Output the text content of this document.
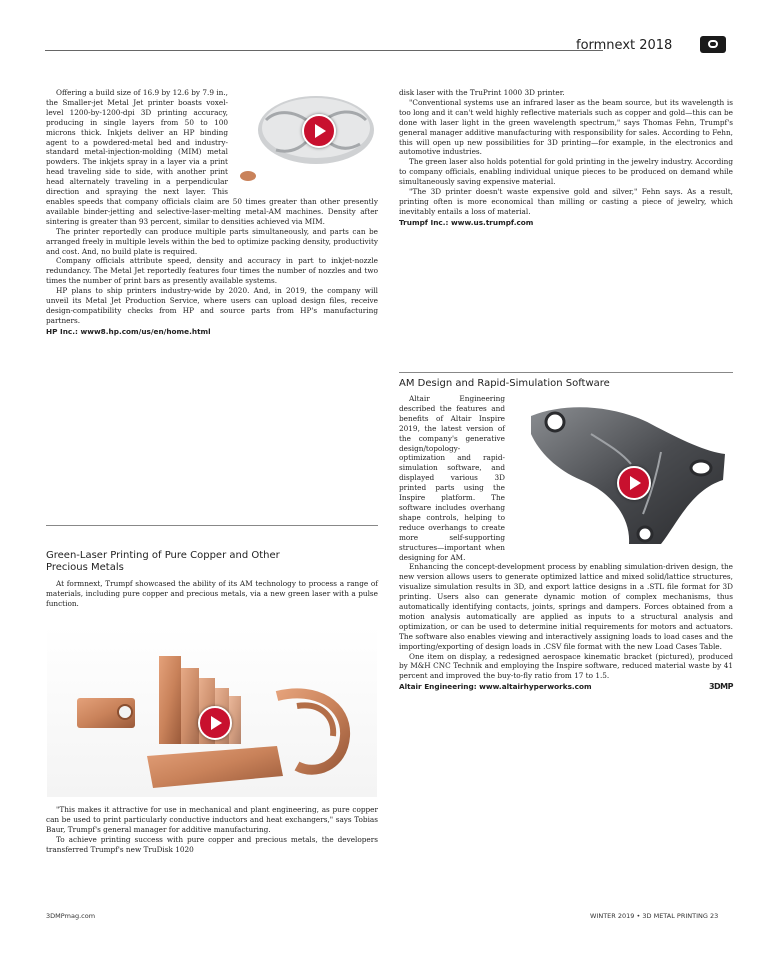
formnext 2018

Offering a build size of 16.9 by 12.6 by 7.9 in., the Smaller-jet Metal Jet printer boasts voxel-level 1200-by-1200-dpi 3D printing accuracy, producing in single layers from 50 to 100 microns thick. Inkjets deliver an HP binding agent to a powdered-metal bed and industry-standard metal-injection-molding (MIM) metal powders. The inkjets spray in a layer via a print head traveling side to side, with another print head alternately traveling in a perpendicular direction and spraying the next layer. This enables speeds that company officials claim are 50 times greater than other presently available binder-jetting and selective-laser-melting metal-AM machines. Density after sintering is greater than 93 percent, similar to densities achieved via MIM.

The printer reportedly can produce multiple parts simultaneously, and parts can be arranged freely in multiple levels within the bed to optimize packing density, productivity and cost. And, no build plate is required.

Company officials attribute speed, density and accuracy in part to inkjet-nozzle redundancy. The Metal Jet reportedly features four times the number of nozzles and two times the number of print bars as presently available systems.

HP plans to ship printers industry-wide by 2020. And, in 2019, the company will unveil its Metal Jet Production Service, where users can upload design files, receive design-compatibility checks from HP and source parts from HP's manufacturing partners.

HP Inc.: www8.hp.com/us/en/home.html

Green-Laser Printing of Pure Copper and Other Precious Metals

At formnext, Trumpf showcased the ability of its AM technology to process a range of materials, including pure copper and precious metals, via a new green laser with a pulse function.

"This makes it attractive for use in mechanical and plant engineering, as pure copper can be used to print particularly conductive inductors and heat exchangers," says Tobias Baur, Trumpf's general manager for additive manufacturing.

To achieve printing success with pure copper and precious metals, the developers transferred Trumpf's new TruDisk 1020

disk laser with the TruPrint 1000 3D printer.

"Conventional systems use an infrared laser as the beam source, but its wavelength is too long and it can't weld highly reflective materials such as copper and gold—this can be done with laser light in the green wavelength spectrum," says Thomas Fehn, Trumpf's general manager additive manufacturing with responsibility for sales. According to Fehn, this will open up new possibilities for 3D printing—for example, in the electronics and automotive industries.

The green laser also holds potential for gold printing in the jewelry industry. According to company officials, enabling individual unique pieces to be produced on demand while simultaneously saving expensive material.

"The 3D printer doesn't waste expensive gold and silver," Fehn says. As a result, printing often is more economical than milling or casting a piece of jewelry, which inevitably entails a loss of material.

Trumpf Inc.: www.us.trumpf.com

AM Design and Rapid-Simulation Software

Altair Engineering described the features and benefits of Altair Inspire 2019, the latest version of the company's generative design/topology-optimization and rapid-simulation software, and displayed various 3D printed parts using the Inspire platform. The software includes overhang shape controls, helping to reduce overhangs to create more self-supporting structures—important when designing for AM.

Enhancing the concept-development process by enabling simulation-driven design, the new version allows users to generate optimized lattice and mixed solid/lattice structures, visualize simulation results in 3D, and export lattice designs in a .STL file format for 3D printing. Users also can generate dynamic motion of complex mechanisms, thus automatically identifying contacts, joints, springs and dampers. Forces obtained from a motion analysis automatically are applied as inputs to a structural analysis and optimization, or can be used to determine initial requirements for motors and actuators. The software also enables viewing and interactively assigning loads to load cases and the importing/exporting of design loads in .CSV file format with the new Load Cases Table.

One item on display, a redesigned aerospace kinematic bracket (pictured), produced by M&H CNC Technik and employing the Inspire software, reduced material waste by 41 percent and improved the buy-to-fly ratio from 17 to 1.5.

Altair Engineering: www.altairhyperworks.com	3DMP

3DMPmag.com	WINTER 2019 • 3D METAL PRINTING 23
